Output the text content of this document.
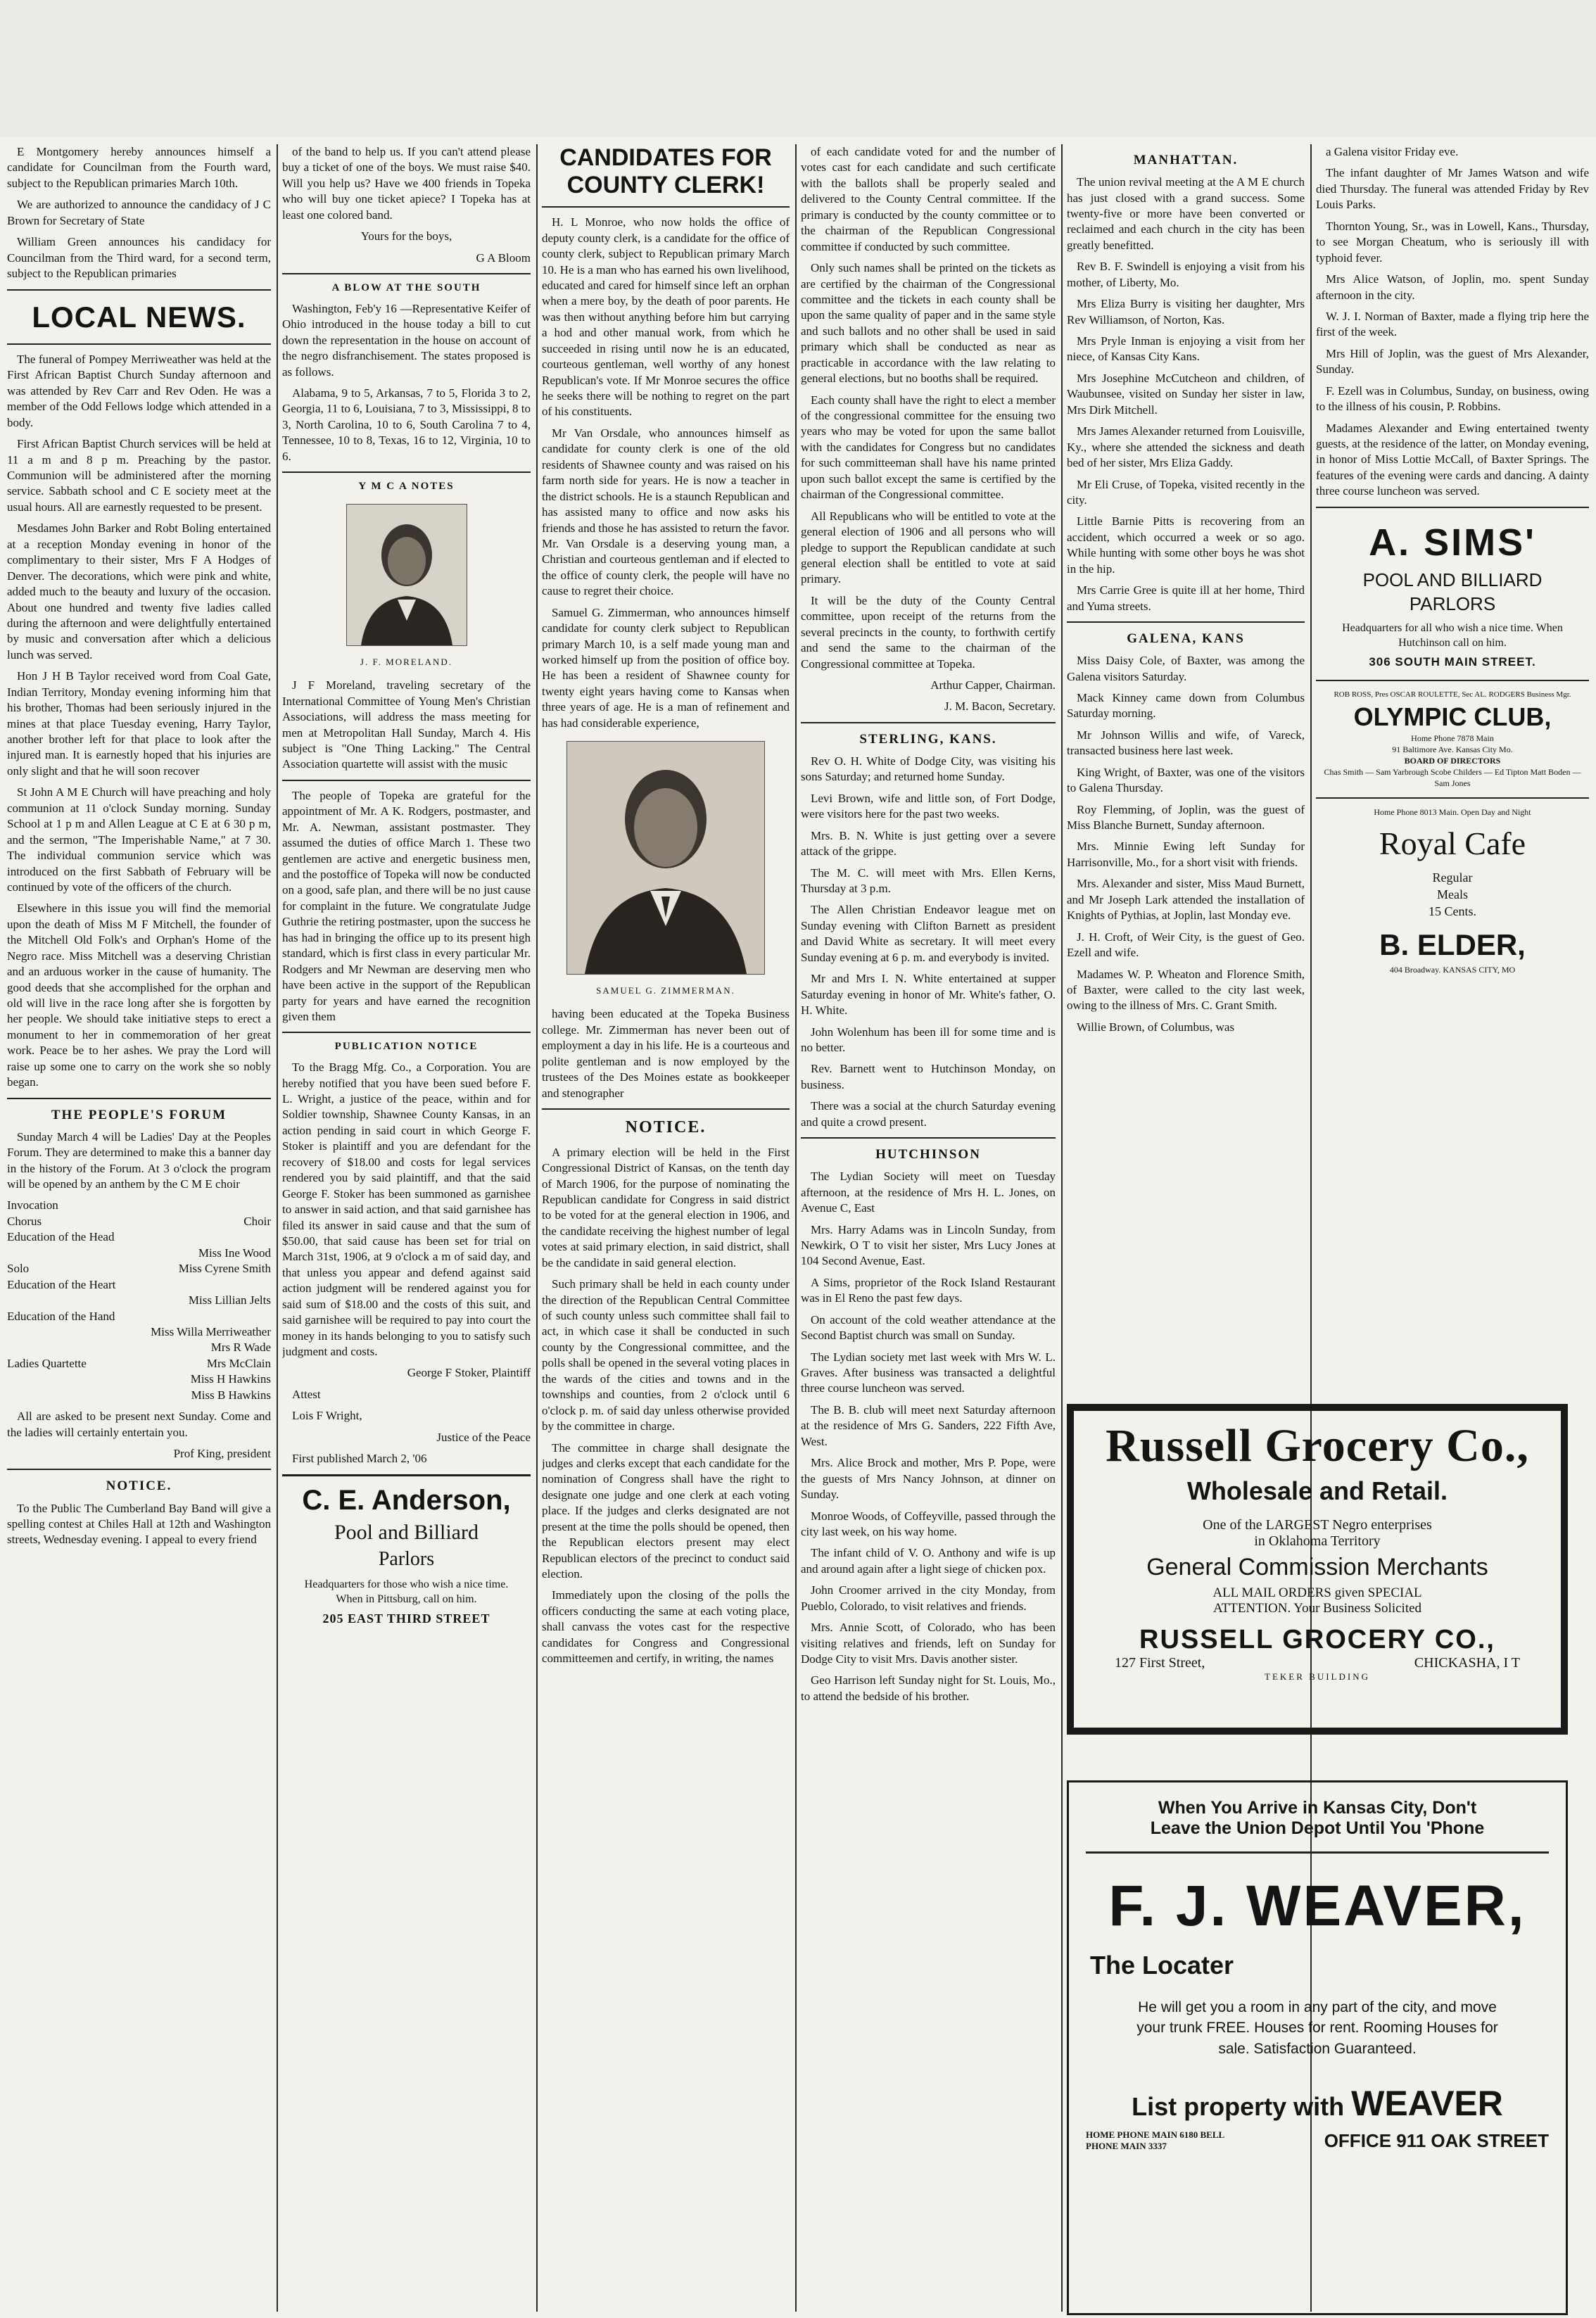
E Montgomery hereby announces himself a candidate for Councilman from the Fourth ward, subject to the Republican primaries March 10th.

We are authorized to announce the candidacy of J C Brown for Secretary of State

William Green announces his candidacy for Councilman from the Third ward, for a second term, subject to the Republican primaries

LOCAL NEWS.

The funeral of Pompey Merriweather was held at the First African Baptist Church Sunday afternoon and was attended by Rev Carr and Rev Oden. He was a member of the Odd Fellows lodge which attended in a body.

First African Baptist Church services will be held at 11 a m and 8 p m. Preaching by the pastor. Communion will be administered after the morning service. Sabbath school and C E society meet at the usual hours. All are earnestly requested to be present.

Mesdames John Barker and Robt Boling entertained at a reception Monday evening in honor of the complimentary to their sister, Mrs F A Hodges of Denver. The decorations, which were pink and white, added much to the beauty and luxury of the occasion. About one hundred and twenty five ladies called during the afternoon and were delightfully entertained by music and conversation after which a delicious lunch was served.

Hon J H B Taylor received word from Coal Gate, Indian Territory, Monday evening informing him that his brother, Thomas had been seriously injured in the mines at that place Tuesday evening, Harry Taylor, another brother left for that place to look after the injured man. It is earnestly hoped that his injuries are only slight and that he will soon recover

St John A M E Church will have preaching and holy communion at 11 o'clock Sunday morning. Sunday School at 1 p m and Allen League at C E at 6 30 p m, and the sermon, "The Imperishable Name," at 7 30. The individual communion service which was introduced on the first Sabbath of February will be continued by vote of the officers of the church.

Elsewhere in this issue you will find the memorial upon the death of Miss M F Mitchell, the founder of the Mitchell Old Folk's and Orphan's Home of the Negro race. Miss Mitchell was a deserving Christian and an arduous worker in the cause of humanity. The good deeds that she accomplished for the orphan and old will live in the race long after she is forgotten by her people. We should take initiative steps to erect a monument to her in commemoration of her great work. Peace be to her ashes. We pray the Lord will raise up some one to carry on the work she so nobly began.

THE PEOPLE'S FORUM

Sunday March 4 will be Ladies' Day at the Peoples Forum. They are determined to make this a banner day in the history of the Forum. At 3 o'clock the program will be opened by an anthem by the C M E choir

Invocation
Chorus	Choir
Education of the Head
Miss Ine Wood
Solo	Miss Cyrene Smith
Education of the Heart
Miss Lillian Jelts
Education of the Hand
Miss Willa Merriweather
Mrs R Wade
Ladies Quartette	Mrs McClain
Miss H Hawkins
Miss B Hawkins

All are asked to be present next Sunday. Come and the ladies will certainly entertain you.

Prof King, president

NOTICE.

To the Public The Cumberland Bay Band will give a spelling contest at Chiles Hall at 12th and Washington streets, Wednesday evening. I appeal to every friend

of the band to help us. If you can't attend please buy a ticket of one of the boys. We must raise $40. Will you help us? Have we 400 friends in Topeka who will buy one ticket apiece? I Topeka has at least one colored band.

Yours for the boys,

G A Bloom

A BLOW AT THE SOUTH

Washington, Feb'y 16 —Representative Keifer of Ohio introduced in the house today a bill to cut down the representation in the house on account of the negro disfranchisement. The states proposed is as follows.

Alabama, 9 to 5, Arkansas, 7 to 5, Florida 3 to 2, Georgia, 11 to 6, Louisiana, 7 to 3, Mississippi, 8 to 3, North Carolina, 10 to 6, South Carolina 7 to 4, Tennessee, 10 to 8, Texas, 16 to 12, Virginia, 10 to 6.

Y M C A NOTES
J. F. MORELAND.

J F Moreland, traveling secretary of the International Committee of Young Men's Christian Associations, will address the mass meeting for men at Metropolitan Hall Sunday, March 4. His subject is "One Thing Lacking." The Central Association quartette will assist with the music

The people of Topeka are grateful for the appointment of Mr. A K. Rodgers, postmaster, and Mr. A. Newman, assistant postmaster. They assumed the duties of office March 1. These two gentlemen are active and energetic business men, and the postoffice of Topeka will now be conducted on a good, safe plan, and there will be no just cause for complaint in the future. We congratulate Judge Guthrie the retiring postmaster, upon the success he has had in bringing the office up to its present high standard, which is first class in every particular Mr. Rodgers and Mr Newman are deserving men who have been active in the support of the Republican party for years and have earned the recognition given them

PUBLICATION NOTICE

To the Bragg Mfg. Co., a Corporation. You are hereby notified that you have been sued before F. L. Wright, a justice of the peace, within and for Soldier township, Shawnee County Kansas, in an action pending in said court in which George F. Stoker is plaintiff and you are defendant for the recovery of $18.00 and costs for legal services rendered you by said plaintiff, and that the said George F. Stoker has been summoned as garnishee to answer in said action, and that said garnishee has filed its answer in said cause and that the sum of $50.00, that said cause has been set for trial on March 31st, 1906, at 9 o'clock a m of said day, and that unless you appear and defend against said action judgment will be rendered against you for said sum of $18.00 and the costs of this suit, and said garnishee will be required to pay into court the money in its hands belonging to you to satisfy such judgment and costs.

George F Stoker, Plaintiff

Attest

Lois F Wright,

Justice of the Peace

First published March 2, '06

C. E. Anderson,
Pool and Billiard
Parlors

Headquarters for those who wish a nice time. When in Pittsburg, call on him.

205 EAST THIRD STREET
CANDIDATES FOR
COUNTY CLERK!

H. L Monroe, who now holds the office of deputy county clerk, is a candidate for the office of county clerk, subject to Republican primary March 10. He is a man who has earned his own livelihood, educated and cared for himself since left an orphan when a mere boy, by the death of poor parents. He was then without anything before him but carrying a hod and other manual work, from which he succeeded in rising until now he is an educated, courteous gentleman, well worthy of any honest Republican's vote. If Mr Monroe secures the office he seeks there will be nothing to regret on the part of his constituents.

Mr Van Orsdale, who announces himself as candidate for county clerk is one of the old residents of Shawnee county and was raised on his farm north side for years. He is now a teacher in the district schools. He is a staunch Republican and has assisted many to office and now asks his friends and those he has assisted to return the favor. Mr. Van Orsdale is a deserving young man, a Christian and courteous gentleman and if elected to the office of county clerk, the people will have no cause to regret their choice.

Samuel G. Zimmerman, who announces himself candidate for county clerk subject to Republican primary March 10, is a self made young man and worked himself up from the position of office boy. He has been a resident of Shawnee county for twenty eight years having come to Kansas when three years of age. He is a man of refinement and has had considerable experience,

SAMUEL G. ZIMMERMAN.

having been educated at the Topeka Business college. Mr. Zimmerman has never been out of employment a day in his life. He is a courteous and polite gentleman and is now employed by the trustees of the Des Moines estate as bookkeeper and stenographer

NOTICE.

A primary election will be held in the First Congressional District of Kansas, on the tenth day of March 1906, for the purpose of nominating the Republican candidate for Congress in said district to be voted for at the general election in 1906, and the candidate receiving the highest number of legal votes at said primary election, in said district, shall be the candidate in said general election.

Such primary shall be held in each county under the direction of the Republican Central Committee of such county unless such committee shall fail to act, in which case it shall be conducted in such county by the Congressional committee, and the polls shall be opened in the several voting places in the wards of the cities and towns and in the townships and counties, from 2 o'clock until 6 o'clock p. m. of said day unless otherwise provided by the committee in charge.

The committee in charge shall designate the judges and clerks except that each candidate for the nomination of Congress shall have the right to designate one judge and one clerk at each voting place. If the judges and clerks designated are not present at the time the polls should be opened, then the Republican electors present may elect Republican electors of the precinct to conduct said election.

Immediately upon the closing of the polls the officers conducting the same at each voting place, shall canvass the votes cast for the respective candidates for Congress and Congressional committeemen and certify, in writing, the names

of each candidate voted for and the number of votes cast for each candidate and such certificate with the ballots shall be properly sealed and delivered to the County Central committee. If the primary is conducted by the county committee or to the chairman of the Republican Congressional committee if conducted by such committee.

Only such names shall be printed on the tickets as are certified by the chairman of the Congressional committee and the tickets in each county shall be upon the same quality of paper and in the same style and such ballots and no other shall be used in said primary which shall be conducted as near as practicable in accordance with the law relating to general elections, but no booths shall be required.

Each county shall have the right to elect a member of the congressional committee for the ensuing two years who may be voted for upon the same ballot with the candidates for Congress but no candidates for such committeeman shall have his name printed upon such ballot except the same is certified by the chairman of the Congressional committee.

All Republicans who will be entitled to vote at the general election of 1906 and all persons who will pledge to support the Republican candidate at such general election shall be entitled to vote at said primary.

It will be the duty of the County Central committee, upon receipt of the returns from the several precincts in the county, to forthwith certify and send the same to the chairman of the Congressional committee at Topeka.

Arthur Capper, Chairman.

J. M. Bacon, Secretary.

STERLING, KANS.

Rev O. H. White of Dodge City, was visiting his sons Saturday; and returned home Sunday.

Levi Brown, wife and little son, of Fort Dodge, were visitors here for the past two weeks.

Mrs. B. N. White is just getting over a severe attack of the grippe.

The M. C. will meet with Mrs. Ellen Kerns, Thursday at 3 p.m.

The Allen Christian Endeavor league met on Sunday evening with Clifton Barnett as president and David White as secretary. It will meet every Sunday evening at 6 p. m. and everybody is invited.

Mr and Mrs I. N. White entertained at supper Saturday evening in honor of Mr. White's father, O. H. White.

John Wolenhum has been ill for some time and is no better.

Rev. Barnett went to Hutchinson Monday, on business.

There was a social at the church Saturday evening and quite a crowd present.

HUTCHINSON

The Lydian Society will meet on Tuesday afternoon, at the residence of Mrs H. L. Jones, on Avenue C, East

Mrs. Harry Adams was in Lincoln Sunday, from Newkirk, O T to visit her sister, Mrs Lucy Jones at 104 Second Avenue, East.

A Sims, proprietor of the Rock Island Restaurant was in El Reno the past few days.

On account of the cold weather attendance at the Second Baptist church was small on Sunday.

The Lydian society met last week with Mrs W. L. Graves. After business was transacted a delightful three course luncheon was served.

The B. B. club will meet next Saturday afternoon at the residence of Mrs G. Sanders, 222 Fifth Ave, West.

Mrs. Alice Brock and mother, Mrs P. Pope, were the guests of Mrs Nancy Johnson, at dinner on Sunday.

Monroe Woods, of Coffeyville, passed through the city last week, on his way home.

The infant child of V. O. Anthony and wife is up and around again after a light siege of chicken pox.

John Croomer arrived in the city Monday, from Pueblo, Colorado, to visit relatives and friends.

Mrs. Annie Scott, of Colorado, who has been visiting relatives and friends, left on Sunday for Dodge City to visit Mrs. Davis another sister.

Geo Harrison left Sunday night for St. Louis, Mo., to attend the bedside of his brother.

MANHATTAN.

The union revival meeting at the A M E church has just closed with a grand success. Some twenty-five or more have been converted or reclaimed and each church in the city has been greatly benefitted.

Rev B. F. Swindell is enjoying a visit from his mother, of Liberty, Mo.

Mrs Eliza Burry is visiting her daughter, Mrs Rev Williamson, of Norton, Kas.

Mrs Pryle Inman is enjoying a visit from her niece, of Kansas City Kans.

Mrs Josephine McCutcheon and children, of Waubunsee, visited on Sunday her sister in law, Mrs Dirk Mitchell.

Mrs James Alexander returned from Louisville, Ky., where she attended the sickness and death bed of her sister, Mrs Eliza Gaddy.

Mr Eli Cruse, of Topeka, visited recently in the city.

Little Barnie Pitts is recovering from an accident, which occurred a week or so ago. While hunting with some other boys he was shot in the hip.

Mrs Carrie Gree is quite ill at her home, Third and Yuma streets.

GALENA, KANS

Miss Daisy Cole, of Baxter, was among the Galena visitors Saturday.

Mack Kinney came down from Columbus Saturday morning.

Mr Johnson Willis and wife, of Vareck, transacted business here last week.

King Wright, of Baxter, was one of the visitors to Galena Thursday.

Roy Flemming, of Joplin, was the guest of Miss Blanche Burnett, Sunday afternoon.

Mrs. Minnie Ewing left Sunday for Harrisonville, Mo., for a short visit with friends.

Mrs. Alexander and sister, Miss Maud Burnett, and Mr Joseph Lark attended the installation of Knights of Pythias, at Joplin, last Monday eve.

J. H. Croft, of Weir City, is the guest of Geo. Ezell and wife.

Madames W. P. Wheaton and Florence Smith, of Baxter, were called to the city last week, owing to the illness of Mrs. C. Grant Smith.

Willie Brown, of Columbus, was

a Galena visitor Friday eve.

The infant daughter of Mr James Watson and wife died Thursday. The funeral was attended Friday by Rev Louis Parks.

Thornton Young, Sr., was in Lowell, Kans., Thursday, to see Morgan Cheatum, who is seriously ill with typhoid fever.

Mrs Alice Watson, of Joplin, mo. spent Sunday afternoon in the city.

W. J. I. Norman of Baxter, made a flying trip here the first of the week.

Mrs Hill of Joplin, was the guest of Mrs Alexander, Sunday.

F. Ezell was in Columbus, Sunday, on business, owing to the illness of his cousin, P. Robbins.

Madames Alexander and Ewing entertained twenty guests, at the residence of the latter, on Monday evening, in honor of Miss Lottie McCall, of Baxter Springs. The features of the evening were cards and dancing. A dainty three course luncheon was served.

A. SIMS'
POOL AND BILLIARD
PARLORS

Headquarters for all who wish a nice time. When Hutchinson call on him.

306 SOUTH MAIN STREET.
ROB ROSS, Pres OSCAR ROULETTE, Sec AL. RODGERS Business Mgr.
OLYMPIC CLUB,
Home Phone 7878 Main
91 Baltimore Ave. Kansas City Mo.
BOARD OF DIRECTORS
Chas Smith — Sam Yarbrough Scobe Childers — Ed Tipton Matt Boden — Sam Jones
Home Phone 8013 Main. Open Day and Night
Royal Cafe
Regular
Meals
15 Cents.
B. ELDER,
404 Broadway. KANSAS CITY, MO
Russell Grocery Co.,
Wholesale and Retail.
One of the LARGEST Negro enterprises
in Oklahoma Territory
General Commission Merchants
ALL MAIL ORDERS given SPECIAL
ATTENTION. Your Business Solicited
RUSSELL GROCERY CO.,
127 First Street,	CHICKASHA, I T
TEKER BUILDING
When You Arrive in Kansas City, Don't
Leave the Union Depot Until You 'Phone
F. J. WEAVER,
The Locater

He will get you a room in any part of the city, and move your trunk FREE. Houses for rent. Rooming Houses for sale. Satisfaction Guaranteed.

List property with WEAVER
HOME PHONE MAIN 6180 BELL PHONE MAIN 3337	OFFICE 911 OAK STREET
